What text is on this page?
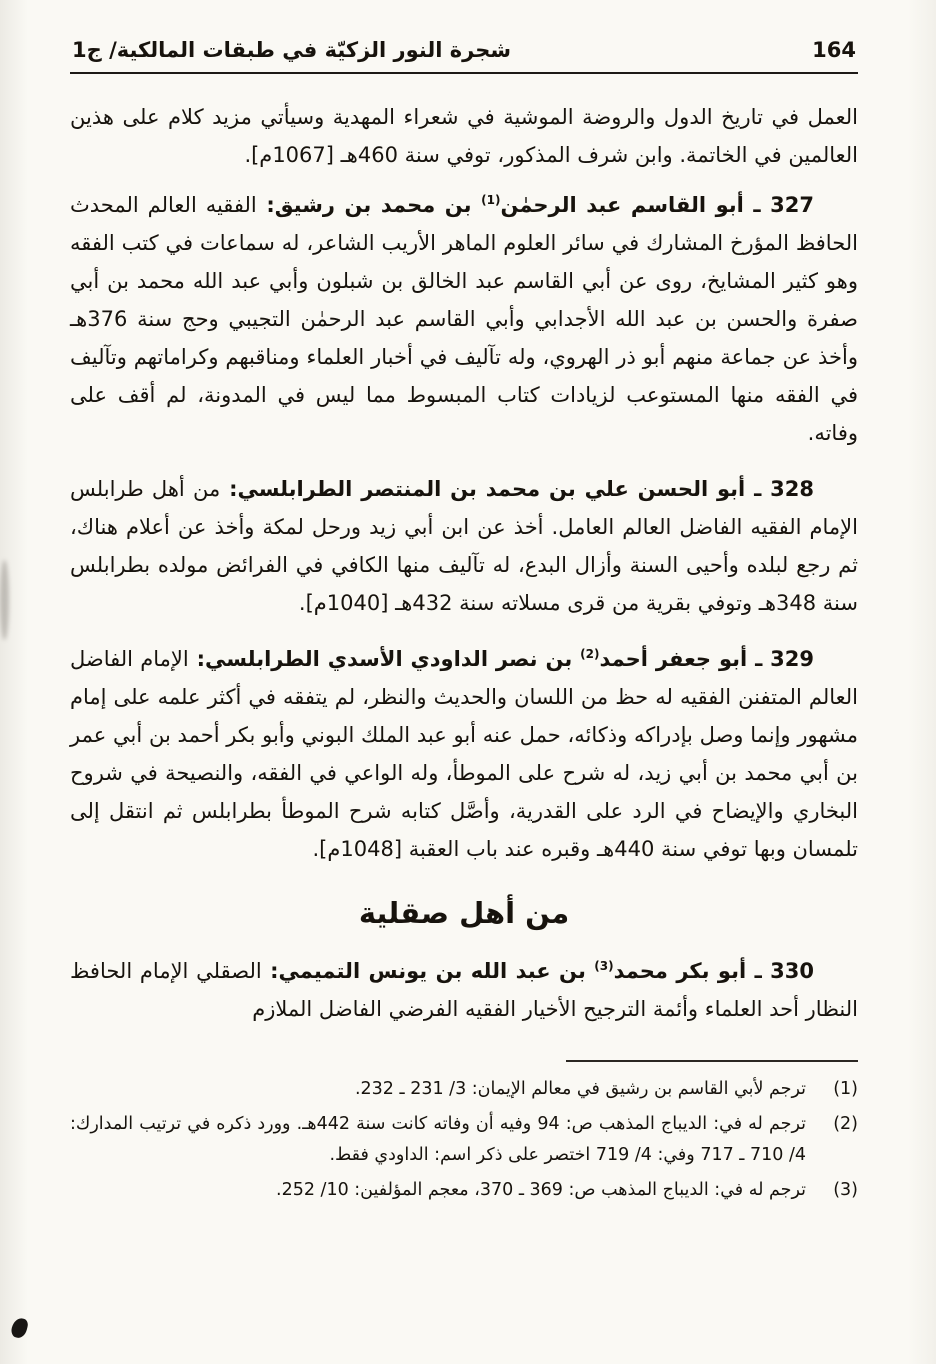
164
شجرة النور الزكيّة في طبقات المالكية/ ج1

العمل في تاريخ الدول والروضة الموشية في شعراء المهدية وسيأتي مزيد كلام على هذين العالمين في الخاتمة. وابن شرف المذكور، توفي سنة 460هـ [1067م].

327 ـ أبو القاسم عبد الرحمٰن$^{(1)}$ بن محمد بن رشيق: الفقيه العالم المحدث الحافظ المؤرخ المشارك في سائر العلوم الماهر الأريب الشاعر، له سماعات في كتب الفقه وهو كثير المشايخ، روى عن أبي القاسم عبد الخالق بن شبلون وأبي عبد الله محمد بن أبي صفرة والحسن بن عبد الله الأجدابي وأبي القاسم عبد الرحمٰن التجيبي وحج سنة 376هـ وأخذ عن جماعة منهم أبو ذر الهروي، وله تآليف في أخبار العلماء ومناقبهم وكراماتهم وتآليف في الفقه منها المستوعب لزيادات كتاب المبسوط مما ليس في المدونة، لم أقف على وفاته.

328 ـ أبو الحسن علي بن محمد بن المنتصر الطرابلسي: من أهل طرابلس الإمام الفقيه الفاضل العالم العامل. أخذ عن ابن أبي زيد ورحل لمكة وأخذ عن أعلام هناك، ثم رجع لبلده وأحيى السنة وأزال البدع، له تآليف منها الكافي في الفرائض مولده بطرابلس سنة 348هـ وتوفي بقرية من قرى مسلاته سنة 432هـ [1040م].

329 ـ أبو جعفر أحمد$^{(2)}$ بن نصر الداودي الأسدي الطرابلسي: الإمام الفاضل العالم المتفنن الفقيه له حظ من اللسان والحديث والنظر، لم يتفقه في أكثر علمه على إمام مشهور وإنما وصل بإدراكه وذكائه، حمل عنه أبو عبد الملك البوني وأبو بكر أحمد بن أبي عمر بن أبي محمد بن أبي زيد، له شرح على الموطأ، وله الواعي في الفقه، والنصيحة في شروح البخاري والإيضاح في الرد على القدرية، وأصَّل كتابه شرح الموطأ بطرابلس ثم انتقل إلى تلمسان وبها توفي سنة 440هـ وقبره عند باب العقبة [1048م].

من أهل صقلية

330 ـ أبو بكر محمد$^{(3)}$ بن عبد الله بن يونس التميمي: الصقلي الإمام الحافظ النظار أحد العلماء وأئمة الترجيح الأخيار الفقيه الفرضي الفاضل الملازم

(1)
ترجم لأبي القاسم بن رشيق في معالم الإيمان: 3/ 231 ـ 232.
(2)
ترجم له في: الديباج المذهب ص: 94 وفيه أن وفاته كانت سنة 442هـ. وورد ذكره في ترتيب المدارك: 4/ 710 ـ 717 وفي: 4/ 719 اختصر على ذكر اسم: الداودي فقط.
(3)
ترجم له في: الديباج المذهب ص: 369 ـ 370، معجم المؤلفين: 10/ 252.
